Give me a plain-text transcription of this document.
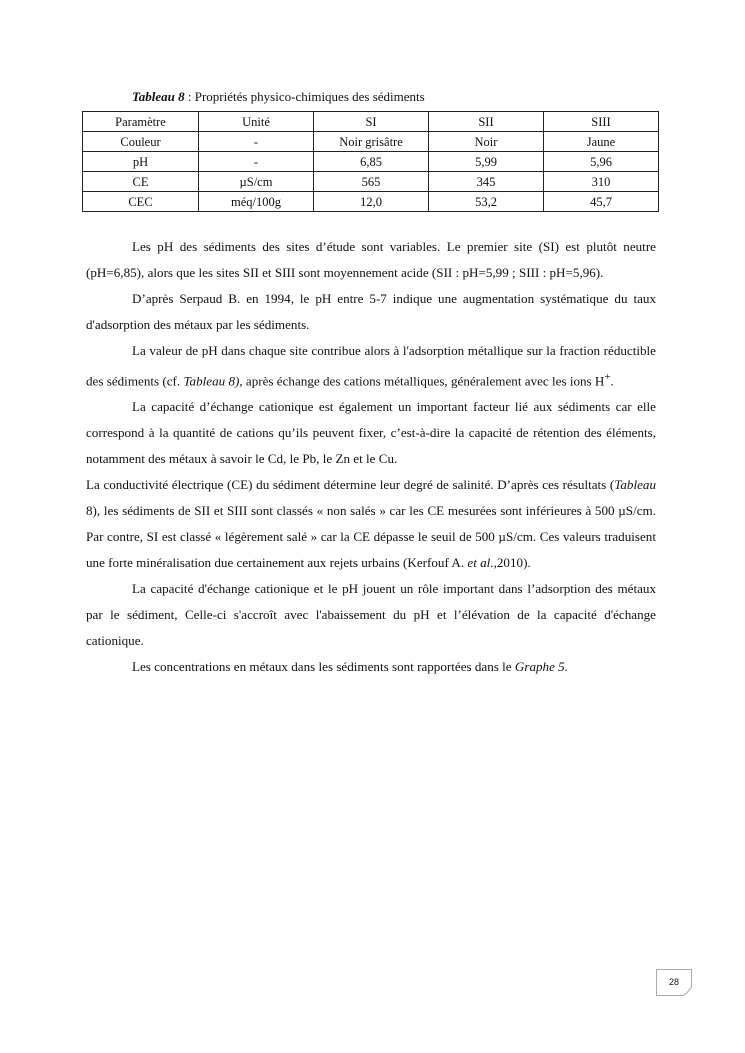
Tableau 8 : Propriétés physico-chimiques des sédiments
Paramètre	Unité	SI	SII	SIII
Couleur	-	Noir grisâtre	Noir	Jaune
pH	-	6,85	5,99	5,96
CE	µS/cm	565	345	310
CEC	méq/100g	12,0	53,2	45,7

Les pH des sédiments des sites d’étude sont variables. Le premier site (SI) est plutôt neutre (pH=6,85), alors que les sites SII et SIII sont moyennement acide (SII : pH=5,99 ; SIII : pH=5,96).

D’après Serpaud B. en 1994, le pH entre 5-7 indique une augmentation systématique du taux d'adsorption des métaux par les sédiments.

La valeur de pH dans chaque site contribue alors à l'adsorption métallique sur la fraction réductible des sédiments (cf. Tableau 8), après échange des cations métalliques, généralement avec les ions H+.

La capacité d’échange cationique est également un important facteur lié aux sédiments car elle correspond à la quantité de cations qu’ils peuvent fixer, c’est-à-dire la capacité de rétention des éléments, notamment des métaux à savoir le Cd, le Pb, le Zn et le Cu.

La conductivité électrique (CE) du sédiment détermine leur degré de salinité. D’après ces résultats (Tableau 8), les sédiments de SII et SIII sont classés « non salés » car les CE mesurées sont inférieures à 500 µS/cm. Par contre, SI est classé « légèrement salé » car la CE dépasse le seuil de 500 µS/cm. Ces valeurs traduisent une forte minéralisation due certainement aux rejets urbains (Kerfouf A. et al.,2010).

La capacité d'échange cationique et le pH jouent un rôle important dans l’adsorption des métaux par le sédiment, Celle-ci s'accroît avec l'abaissement du pH et l’élévation de la capacité d'échange cationique.

Les concentrations en métaux dans les sédiments sont rapportées dans le Graphe 5.

28
